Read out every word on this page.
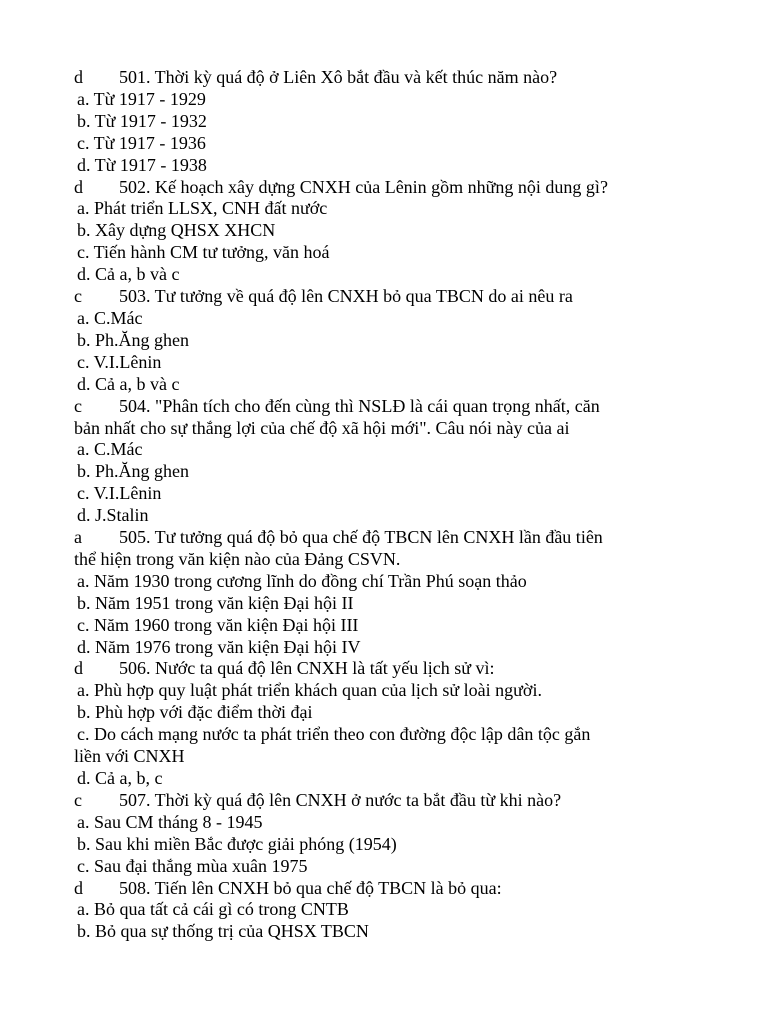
d 501. Thời kỳ quá độ ở Liên Xô bắt đầu và kết thúc năm nào?
a. Từ 1917 - 1929
b. Từ 1917 - 1932
c. Từ 1917 - 1936
d. Từ 1917 - 1938
d 502. Kế hoạch xây dựng CNXH của Lênin gồm những nội dung gì?
a. Phát triển LLSX, CNH đất nước
b. Xây dựng QHSX XHCN
c. Tiến hành CM tư tưởng, văn hoá
d. Cả a, b và c
c 503. Tư tưởng về quá độ lên CNXH bỏ qua TBCN do ai nêu ra
a. C.Mác
b. Ph.Ăng ghen
c. V.I.Lênin
d. Cả a, b và c
c 504. "Phân tích cho đến cùng thì NSLĐ là cái quan trọng nhất, căn
bản nhất cho sự thắng lợi của chế độ xã hội mới". Câu nói này của ai
a. C.Mác
b. Ph.Ăng ghen
c. V.I.Lênin
d. J.Stalin
a 505. Tư tưởng quá độ bỏ qua chế độ TBCN lên CNXH lần đầu tiên
thể hiện trong văn kiện nào của Đảng CSVN.
a. Năm 1930 trong cương lĩnh do đồng chí Trần Phú soạn thảo
b. Năm 1951 trong văn kiện Đại hội II
c. Năm 1960 trong văn kiện Đại hội III
d. Năm 1976 trong văn kiện Đại hội IV
d 506. Nước ta quá độ lên CNXH là tất yếu lịch sử vì:
a. Phù hợp quy luật phát triển khách quan của lịch sử loài người.
b. Phù hợp với đặc điểm thời đại
c. Do cách mạng nước ta phát triển theo con đường độc lập dân tộc gắn
liền với CNXH
d. Cả a, b, c
c 507. Thời kỳ quá độ lên CNXH ở nước ta bắt đầu từ khi nào?
a. Sau CM tháng 8 - 1945
b. Sau khi miền Bắc được giải phóng (1954)
c. Sau đại thắng mùa xuân 1975
d 508. Tiến lên CNXH bỏ qua chế độ TBCN là bỏ qua:
a. Bỏ qua tất cả cái gì có trong CNTB
b. Bỏ qua sự thống trị của QHSX TBCN
